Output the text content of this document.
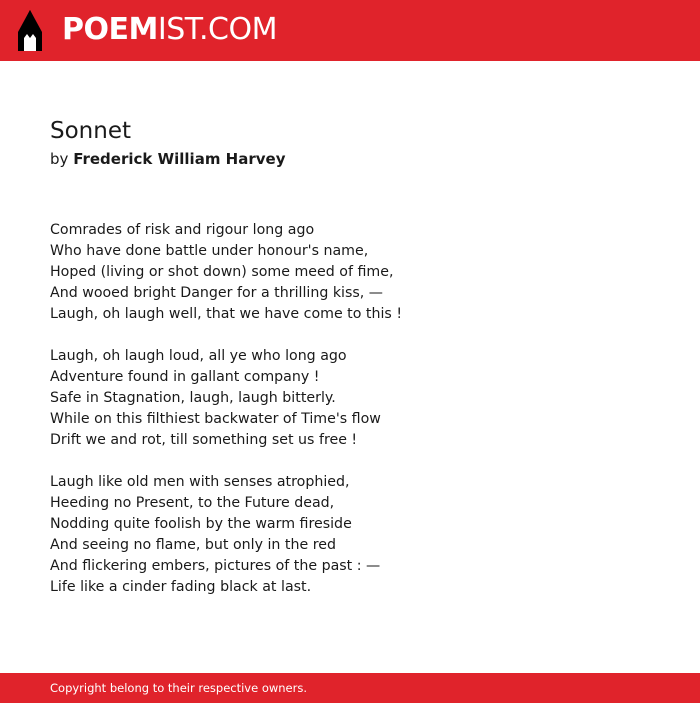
POEMIST.COM
Sonnet
by Frederick William Harvey
Comrades of risk and rigour long ago
Who have done battle under honour's name,
Hoped (living or shot down) some meed of fime,
And wooed bright Danger for a thrilling kiss, —
Laugh, oh laugh well, that we have come to this !
Laugh, oh laugh loud, all ye who long ago
Adventure found in gallant company !
Safe in Stagnation, laugh, laugh bitterly.
While on this filthiest backwater of Time's flow
Drift we and rot, till something set us free !
Laugh like old men with senses atrophied,
Heeding no Present, to the Future dead,
Nodding quite foolish by the warm fireside
And seeing no flame, but only in the red
And flickering embers, pictures of the past : —
Life like a cinder fading black at last.
Copyright belong to their respective owners.
